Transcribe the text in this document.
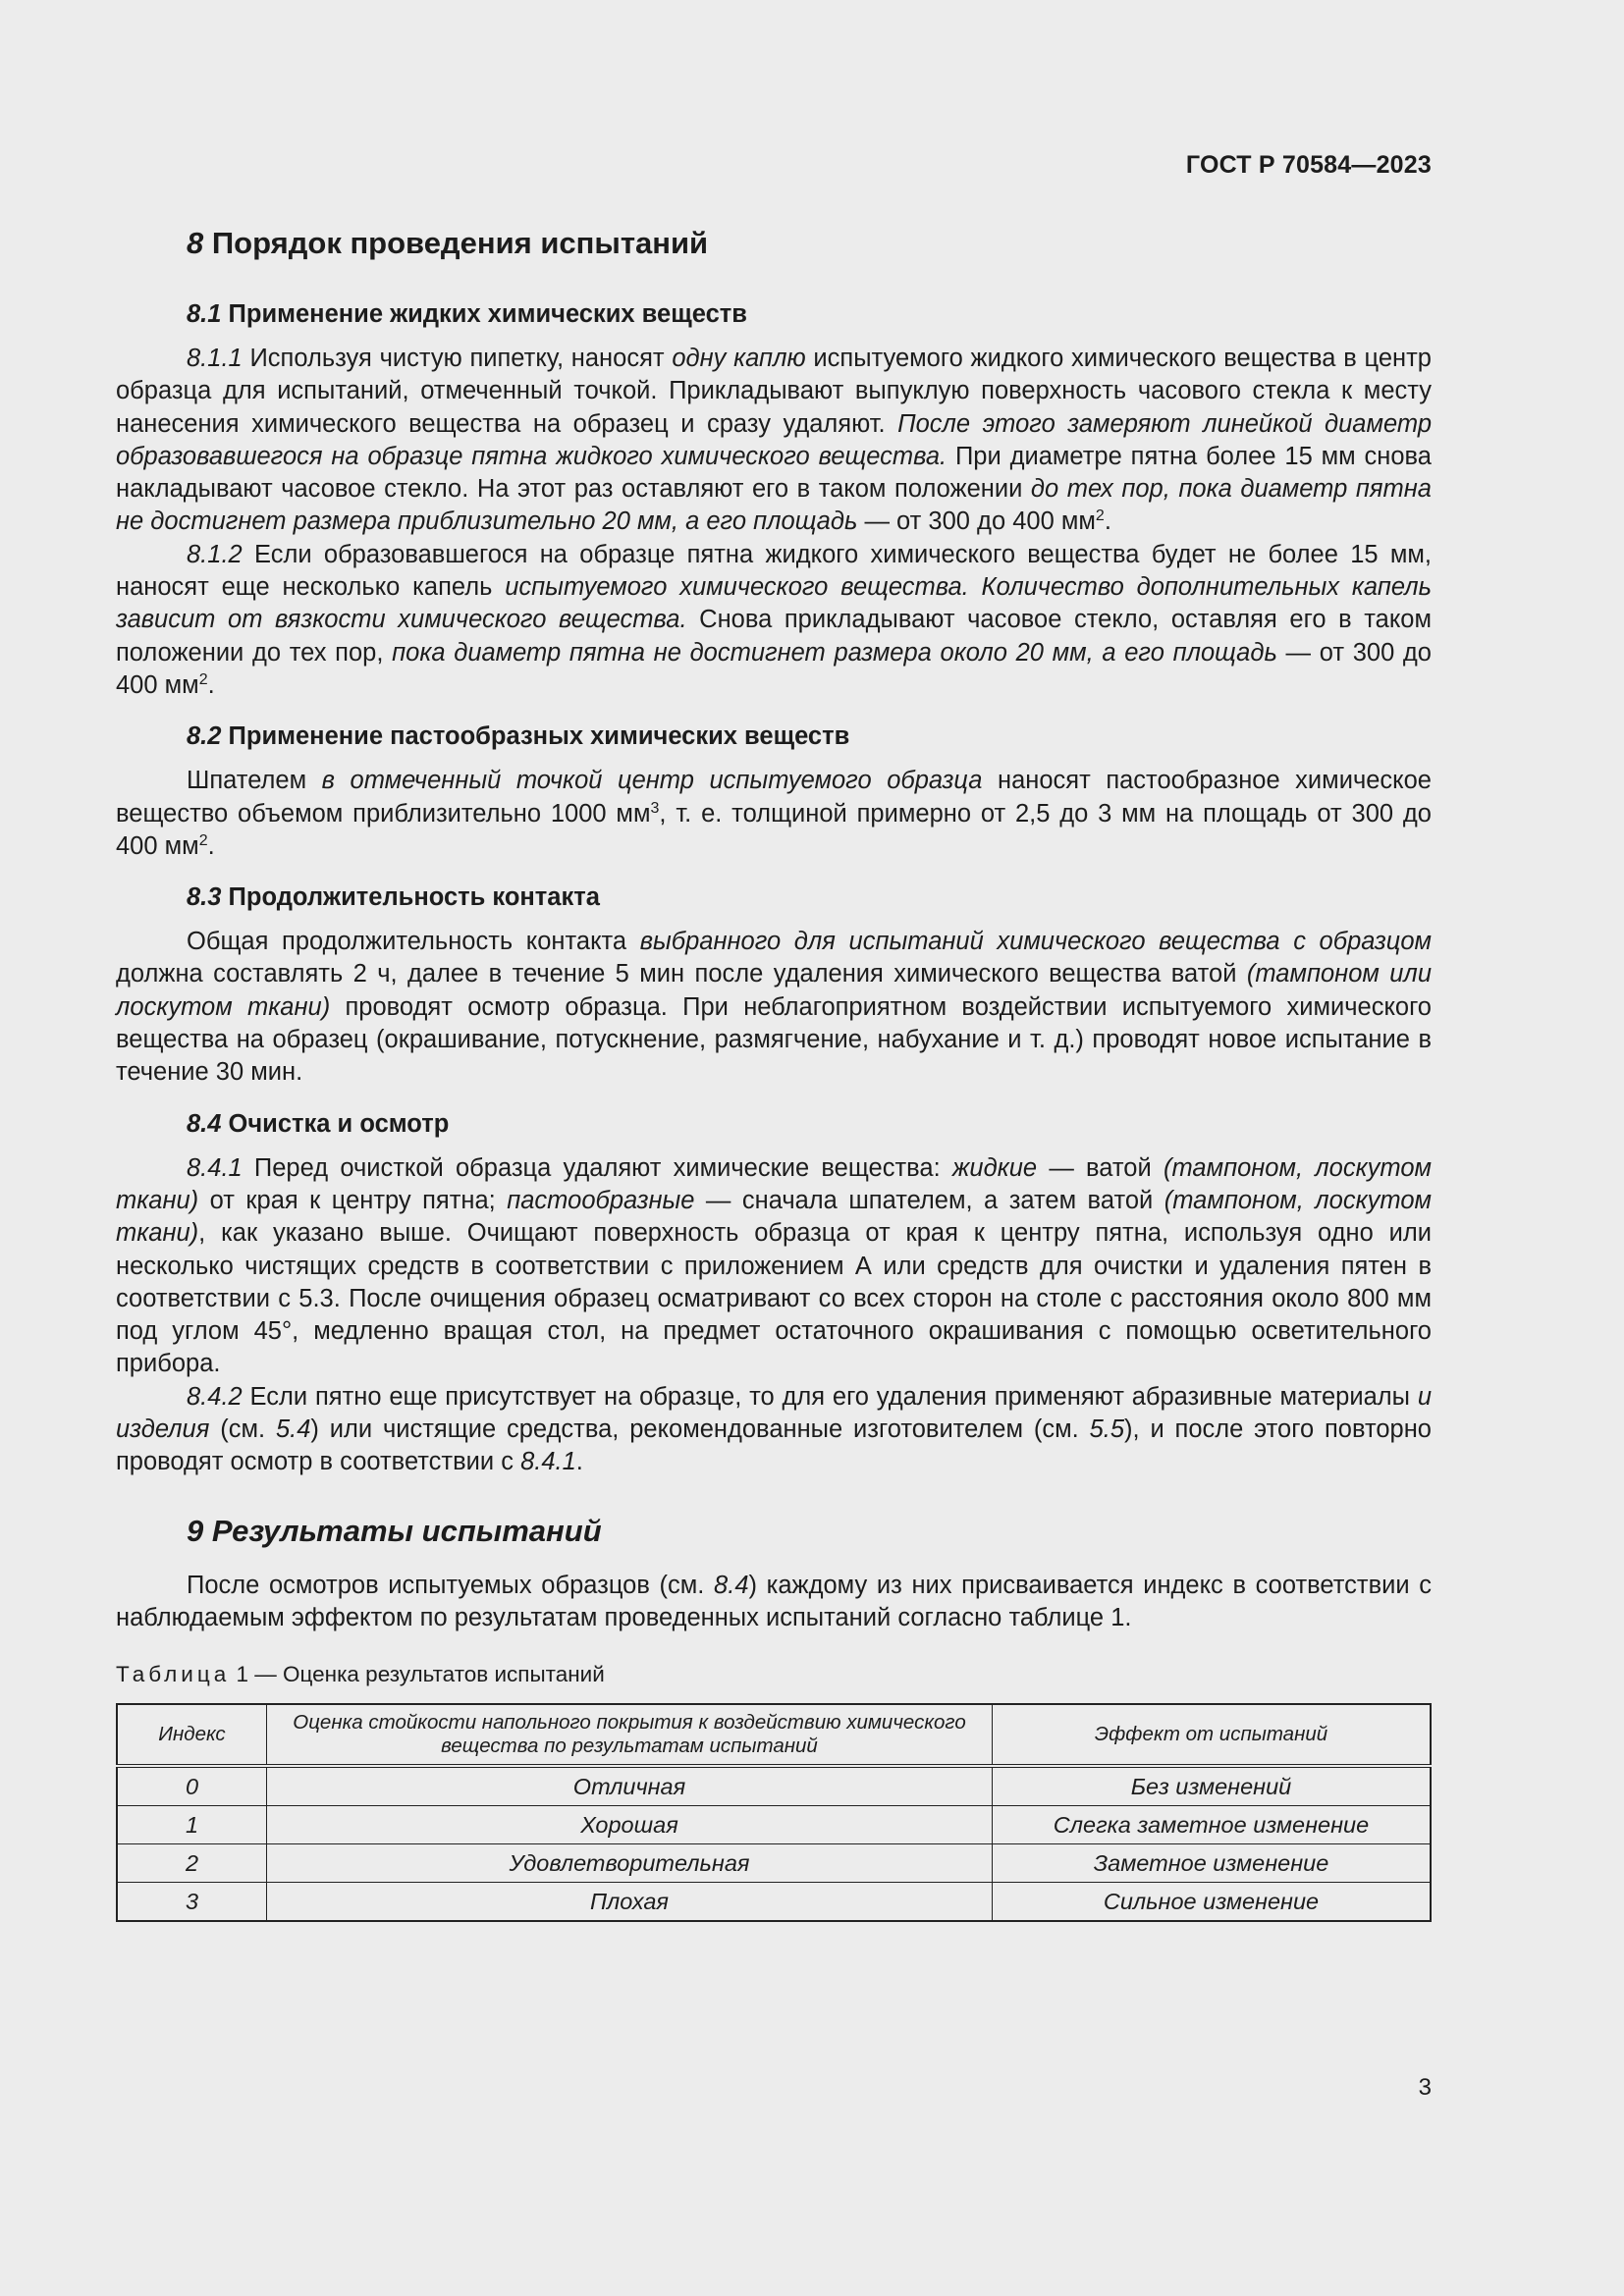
ГОСТ Р 70584—2023
8 Порядок проведения испытаний
8.1 Применение жидких химических веществ

8.1.1 Используя чистую пипетку, наносят одну каплю испытуемого жидкого химического вещества в центр образца для испытаний, отмеченный точкой. Прикладывают выпуклую поверхность часового стекла к месту нанесения химического вещества на образец и сразу удаляют. После этого замеряют линейкой диаметр образовавшегося на образце пятна жидкого химического вещества. При диаметре пятна более 15 мм снова накладывают часовое стекло. На этот раз оставляют его в таком положении до тех пор, пока диаметр пятна не достигнет размера приблизительно 20 мм, а его площадь — от 300 до 400 $мм^2$.

8.1.2 Если образовавшегося на образце пятна жидкого химического вещества будет не более 15 мм, наносят еще несколько капель испытуемого химического вещества. Количество дополнительных капель зависит от вязкости химического вещества. Снова прикладывают часовое стекло, оставляя его в таком положении до тех пор, пока диаметр пятна не достигнет размера около 20 мм, а его площадь — от 300 до 400 $мм^2$.

8.2 Применение пастообразных химических веществ

Шпателем в отмеченный точкой центр испытуемого образца наносят пастообразное химическое вещество объемом приблизительно 1000 $мм^3$, т. е. толщиной примерно от 2,5 до 3 мм на площадь от 300 до 400 $мм^2$.

8.3 Продолжительность контакта

Общая продолжительность контакта выбранного для испытаний химического вещества с образцом должна составлять 2 ч, далее в течение 5 мин после удаления химического вещества ватой (тампоном или лоскутом ткани) проводят осмотр образца. При неблагоприятном воздействии испытуемого химического вещества на образец (окрашивание, потускнение, размягчение, набухание и т. д.) проводят новое испытание в течение 30 мин.

8.4 Очистка и осмотр

8.4.1 Перед очисткой образца удаляют химические вещества: жидкие — ватой (тампоном, лоскутом ткани) от края к центру пятна; пастообразные — сначала шпателем, а затем ватой (тампоном, лоскутом ткани), как указано выше. Очищают поверхность образца от края к центру пятна, используя одно или несколько чистящих средств в соответствии с приложением А или средств для очистки и удаления пятен в соответствии с 5.3. После очищения образец осматривают со всех сторон на столе с расстояния около 800 мм под углом 45°, медленно вращая стол, на предмет остаточного окрашивания с помощью осветительного прибора.

8.4.2 Если пятно еще присутствует на образце, то для его удаления применяют абразивные материалы и изделия (см. 5.4) или чистящие средства, рекомендованные изготовителем (см. 5.5), и после этого повторно проводят осмотр в соответствии с 8.4.1.

9 Результаты испытаний

После осмотров испытуемых образцов (см. 8.4) каждому из них присваивается индекс в соответствии с наблюдаемым эффектом по результатам проведенных испытаний согласно таблице 1.

Таблица 1 — Оценка результатов испытаний
Индекс	Оценка стойкости напольного покрытия к воздействию химического вещества по результатам испытаний	Эффект от испытаний
0	Отличная	Без изменений
1	Хорошая	Слегка заметное изменение
2	Удовлетворительная	Заметное изменение
3	Плохая	Сильное изменение
3
